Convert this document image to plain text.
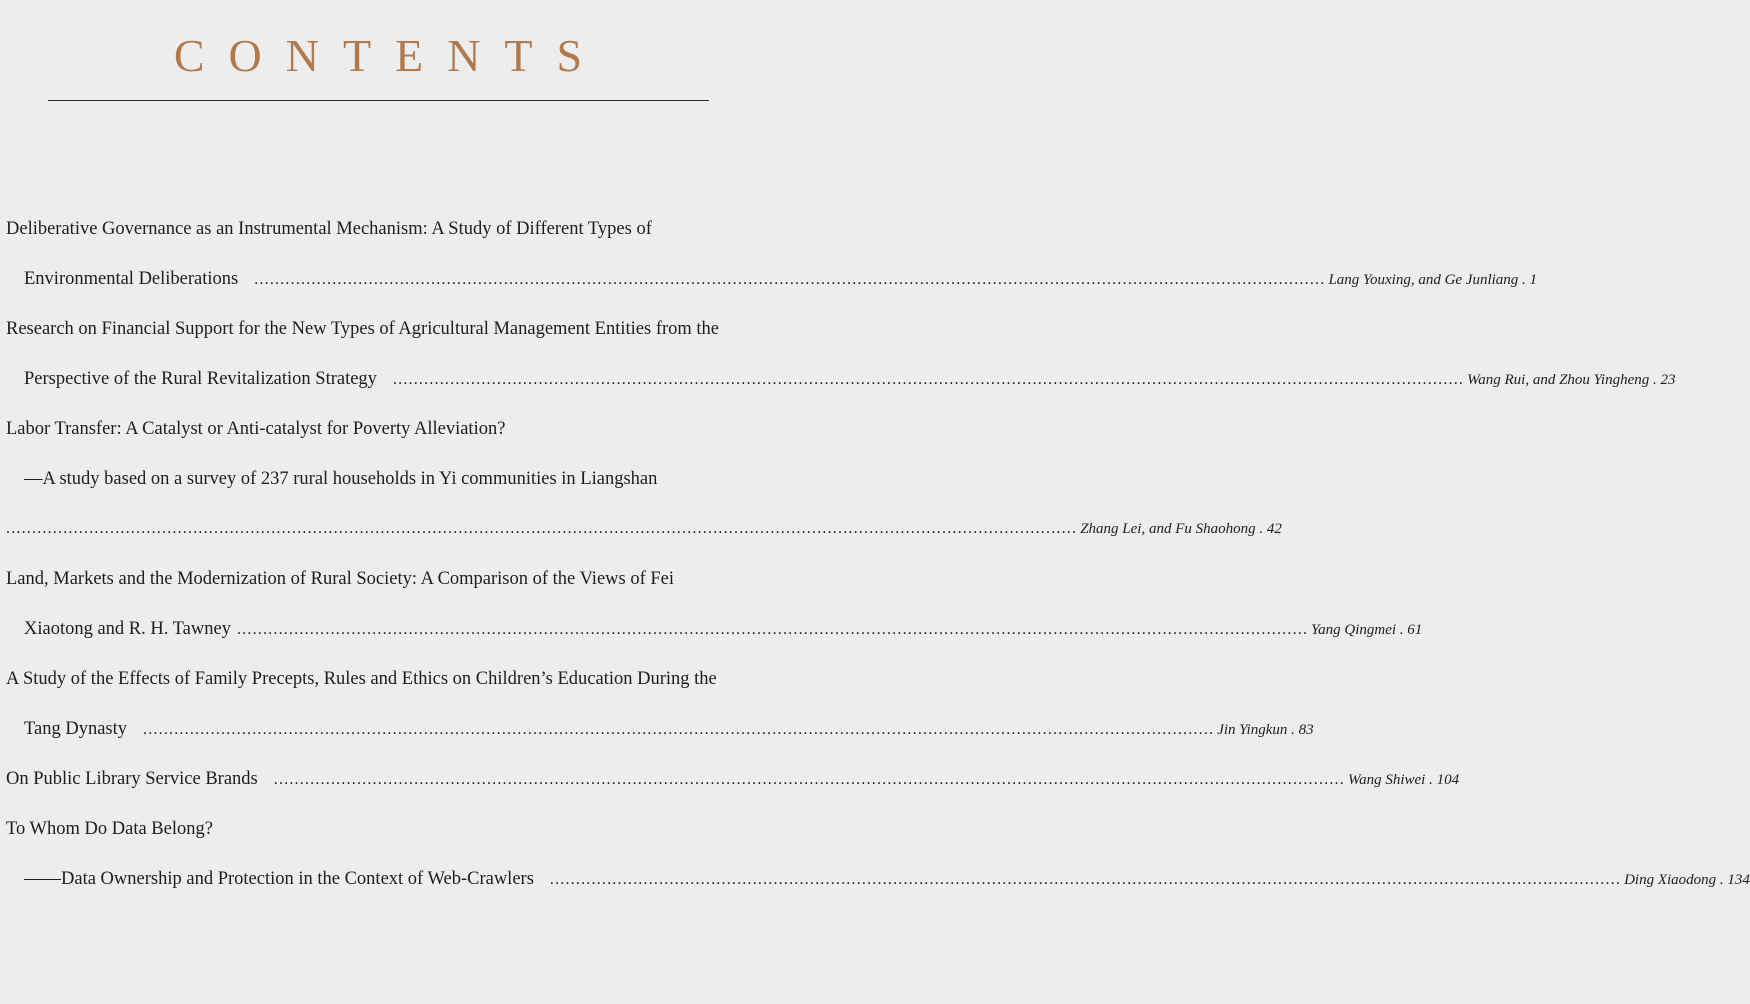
CONTENTS
Deliberative Governance as an Instrumental Mechanism: A Study of Different Types of
Environmental Deliberations .............................................................................................................................................................................................................. Lang Youxing, and Ge Junliang . 1
Research on Financial Support for the New Types of Agricultural Management Entities from the
Perspective of the Rural Revitalization Strategy .............................................................................................................................................................................................................. Wang Rui, and Zhou Yingheng . 23
Labor Transfer: A Catalyst or Anti-catalyst for Poverty Alleviation?
—A study based on a survey of 237 rural households in Yi communities in Liangshan
.............................................................................................................................................................................................................. Zhang Lei, and Fu Shaohong . 42
Land, Markets and the Modernization of Rural Society: A Comparison of the Views of Fei
Xiaotong and R. H. Tawney .............................................................................................................................................................................................................. Yang Qingmei . 61
A Study of the Effects of Family Precepts, Rules and Ethics on Children’s Education During the
Tang Dynasty .............................................................................................................................................................................................................. Jin Yingkun . 83
On Public Library Service Brands .............................................................................................................................................................................................................. Wang Shiwei . 104
To Whom Do Data Belong?
——Data Ownership and Protection in the Context of Web-Crawlers .............................................................................................................................................................................................................. Ding Xiaodong . 134
